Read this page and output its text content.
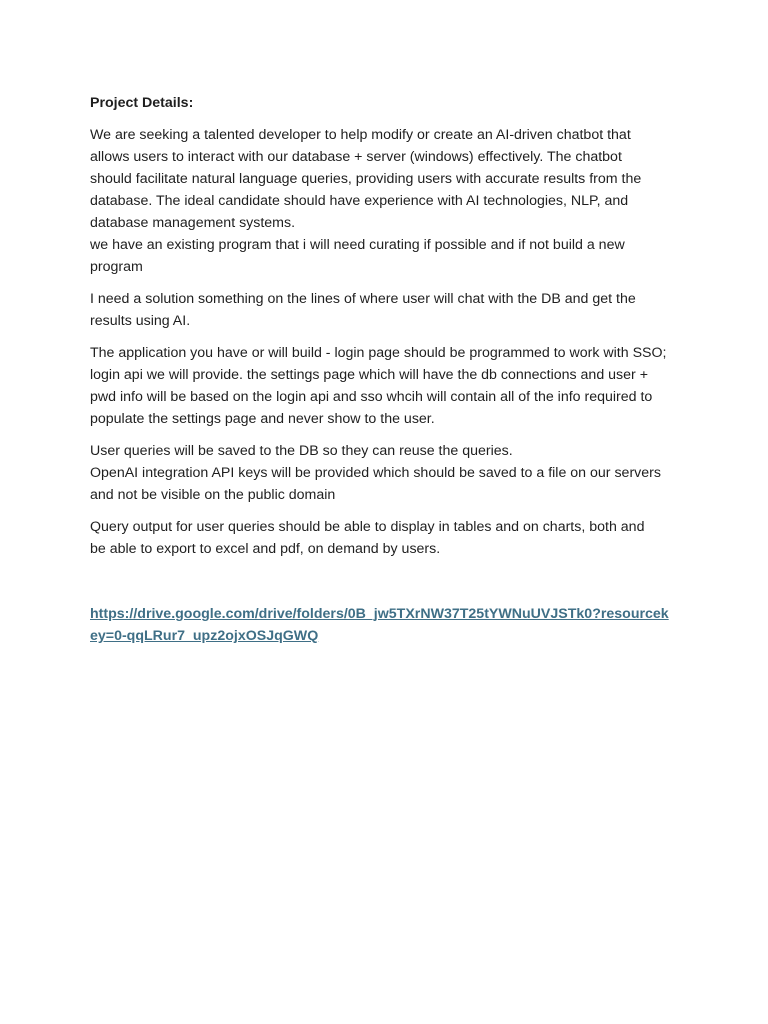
Project Details:
We are seeking a talented developer to help modify or create an AI-driven chatbot that
allows users to interact with our database + server (windows) effectively. The chatbot
should facilitate natural language queries, providing users with accurate results from the
database. The ideal candidate should have experience with AI technologies, NLP, and
database management systems.
we have an existing program that i will need curating if possible and if not build a new
program
I need a solution something on the lines of where user will chat with the DB and get the
results using AI.
The application you have or will build - login page should be programmed to work with SSO;
login api we will provide. the settings page which will have the db connections and user +
pwd info will be based on the login api and sso whcih will contain all of the info required to
populate the settings page and never show to the user.
User queries will be saved to the DB so they can reuse the queries.
OpenAI integration API keys will be provided which should be saved to a file on our servers
and not be visible on the public domain
Query output for user queries should be able to display in tables and on charts, both and
be able to export to excel and pdf, on demand by users.
https://drive.google.com/drive/folders/0B_jw5TXrNW37T25tYWNuUVJSTk0?resourcek
ey=0-qqLRur7_upz2ojxOSJqGWQ
